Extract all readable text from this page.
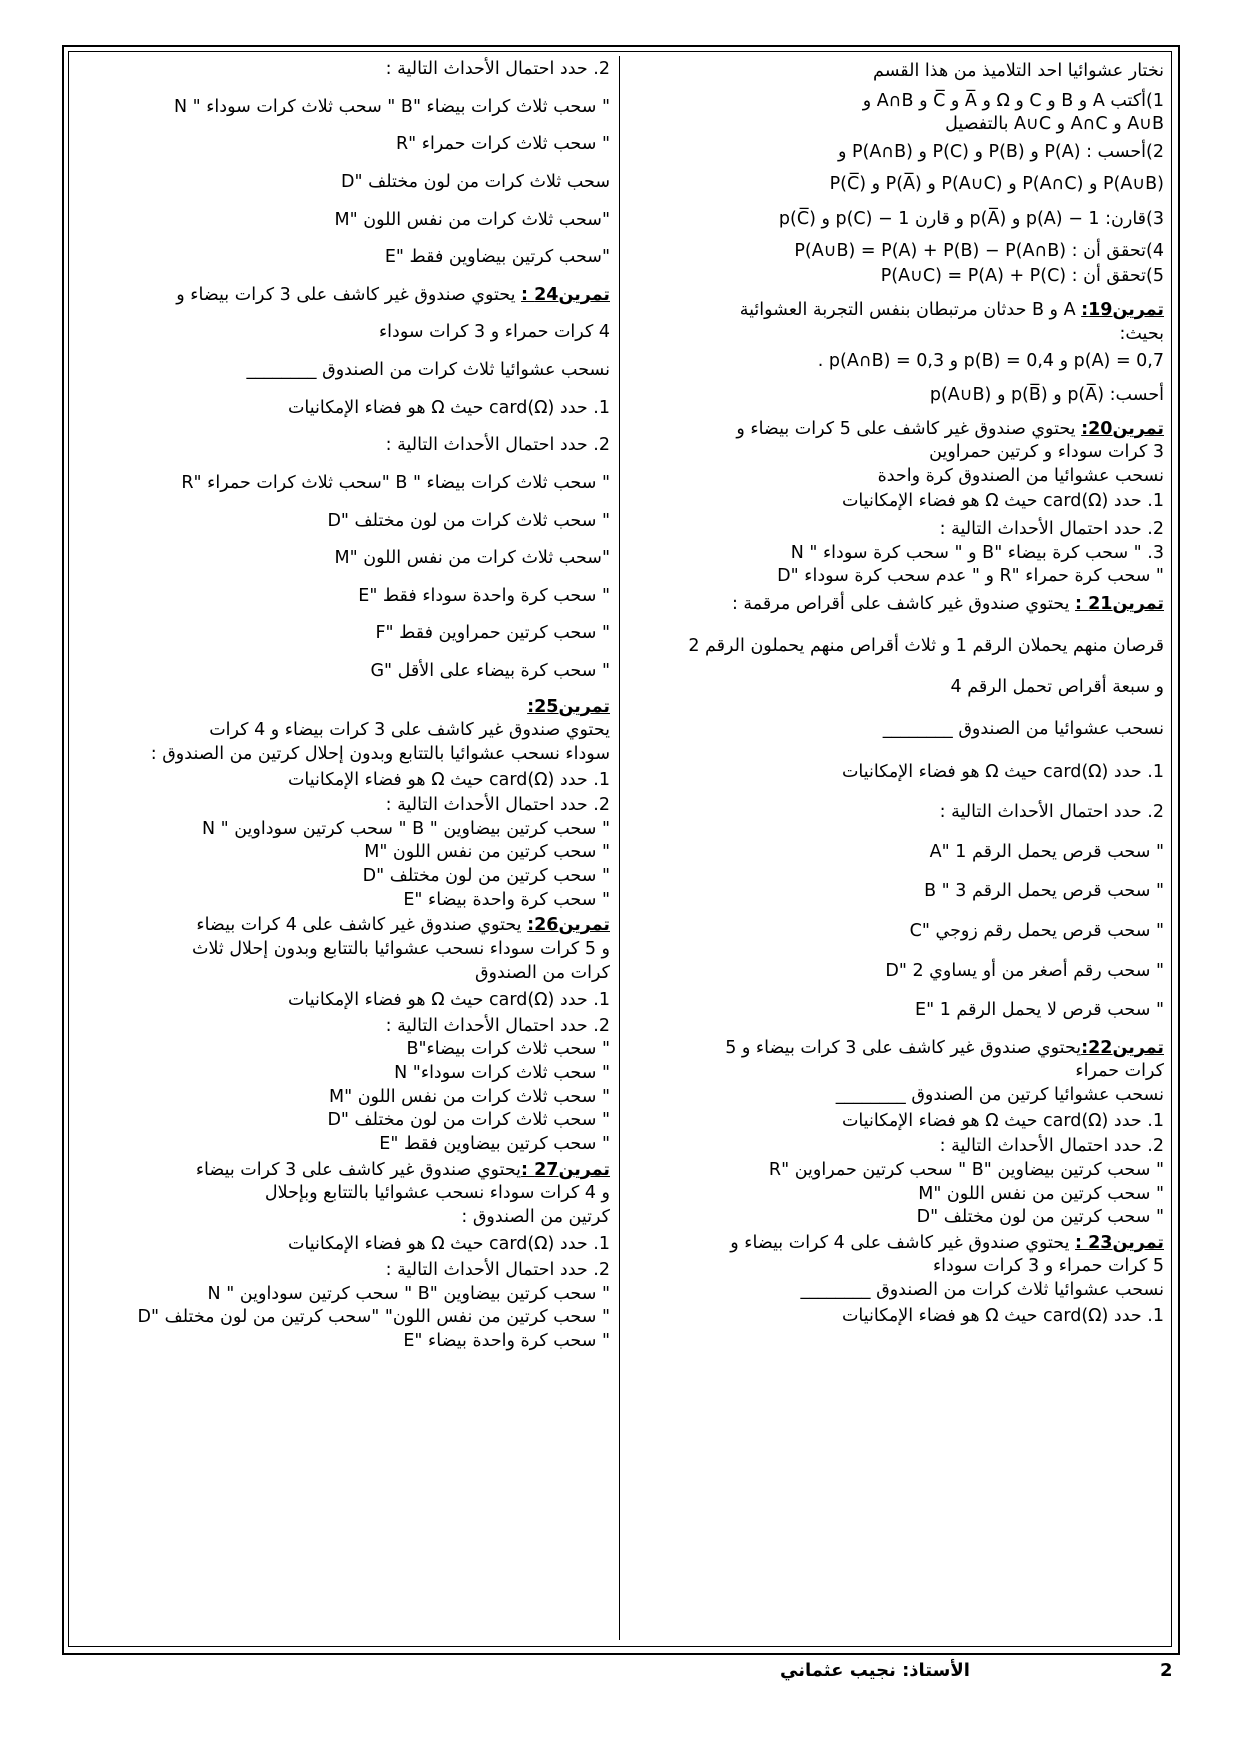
نختار عشوائيا احد التلاميذ من هذا القسم

1)أكتب A و B و C و Ω و A̅ و C̅ و A∩B و

A∪B و A∩C و A∪C بالتفصيل

2)أحسب : P(A) و P(B) و P(C) و P(A∩B) و

P(A∪B) و P(A∩C) و P(A∪C) و P(A̅) و P(C̅)

3)قارن: 1 − p(A) و p(A̅) و قارن 1 − p(C) و p(C̅)

4)تحقق أن : P(A∪B) = P(A) + P(B) − P(A∩B)

5)تحقق أن : P(A∪C) = P(A) + P(C)

تمرين19: A و B حدثان مرتبطان بنفس التجربة العشوائية

بحيث:

p(A) = 0,7 و p(B) = 0,4 و p(A∩B) = 0,3 .

أحسب: p(A̅) و p(B̅) و p(A∪B)

تمرين20: يحتوي صندوق غير كاشف على 5 كرات بيضاء و

3 كرات سوداء و كرتين حمراوين

نسحب عشوائيا من الصندوق كرة واحدة

1. حدد card(Ω) حيث Ω هو فضاء الإمكانيات

2. حدد احتمال الأحداث التالية :

3. " سحب كرة بيضاء "B و " سحب كرة سوداء " N

" سحب كرة حمراء "R و " عدم سحب كرة سوداء "D

تمرين21 : يحتوي صندوق غير كاشف على أقراص مرقمة :

قرصان منهم يحملان الرقم 1 و ثلاث أقراص منهم يحملون الرقم 2

و سبعة أقراص تحمل الرقم 4

نسحب عشوائيا من الصندوق ________

1. حدد card(Ω) حيث Ω هو فضاء الإمكانيات

2. حدد احتمال الأحداث التالية :

" سحب قرص يحمل الرقم 1 "A

" سحب قرص يحمل الرقم 3 " B

" سحب قرص يحمل رقم زوجي "C

" سحب رقم أصغر من أو يساوي 2 "D

" سحب قرص لا يحمل الرقم 1 "E

تمرين22:يحتوي صندوق غير كاشف على 3 كرات بيضاء و 5

كرات حمراء

نسحب عشوائيا كرتين من الصندوق ________

1. حدد card(Ω) حيث Ω هو فضاء الإمكانيات

2. حدد احتمال الأحداث التالية :

" سحب كرتين بيضاوين "B " سحب كرتين حمراوين "R

" سحب كرتين من نفس اللون "M

" سحب كرتين من لون مختلف "D

تمرين23 : يحتوي صندوق غير كاشف على 4 كرات بيضاء و

5 كرات حمراء و 3 كرات سوداء

نسحب عشوائيا ثلاث كرات من الصندوق ________

1. حدد card(Ω) حيث Ω هو فضاء الإمكانيات

2. حدد احتمال الأحداث التالية :

" سحب ثلاث كرات بيضاء "B " سحب ثلاث كرات سوداء " N

" سحب ثلاث كرات حمراء "R

سحب ثلاث كرات من لون مختلف "D

"سحب ثلاث كرات من نفس اللون "M

"سحب كرتين بيضاوين فقط "E

تمرين24 : يحتوي صندوق غير كاشف على 3 كرات بيضاء و

4 كرات حمراء و 3 كرات سوداء

نسحب عشوائيا ثلاث كرات من الصندوق ________

1. حدد card(Ω) حيث Ω هو فضاء الإمكانيات

2. حدد احتمال الأحداث التالية :

" سحب ثلاث كرات بيضاء " B "سحب ثلاث كرات حمراء "R

" سحب ثلاث كرات من لون مختلف "D

"سحب ثلاث كرات من نفس اللون "M

" سحب كرة واحدة سوداء فقط "E

" سحب كرتين حمراوين فقط "F

" سحب كرة بيضاء على الأقل "G

تمرين25:

يحتوي صندوق غير كاشف على 3 كرات بيضاء و 4 كرات

سوداء نسحب عشوائيا بالتتابع وبدون إحلال كرتين من الصندوق :

1. حدد card(Ω) حيث Ω هو فضاء الإمكانيات

2. حدد احتمال الأحداث التالية :

" سحب كرتين بيضاوين " B " سحب كرتين سوداوين " N

" سحب كرتين من نفس اللون "M

" سحب كرتين من لون مختلف "D

" سحب كرة واحدة بيضاء "E

تمرين26: يحتوي صندوق غير كاشف على 4 كرات بيضاء

و 5 كرات سوداء نسحب عشوائيا بالتتابع وبدون إحلال ثلاث

كرات من الصندوق

1. حدد card(Ω) حيث Ω هو فضاء الإمكانيات

2. حدد احتمال الأحداث التالية :

" سحب ثلاث كرات بيضاء"B

" سحب ثلاث كرات سوداء" N

" سحب ثلاث كرات من نفس اللون "M

" سحب ثلاث كرات من لون مختلف "D

" سحب كرتين بيضاوين فقط "E

تمرين27 :يحتوي صندوق غير كاشف على 3 كرات بيضاء

و 4 كرات سوداء نسحب عشوائيا بالتتابع وبإحلال

كرتين من الصندوق :

1. حدد card(Ω) حيث Ω هو فضاء الإمكانيات

2. حدد احتمال الأحداث التالية :

" سحب كرتين بيضاوين "B " سحب كرتين سوداوين " N

" سحب كرتين من نفس اللون" "سحب كرتين من لون مختلف "D

" سحب كرة واحدة بيضاء "E

الأستاذ: نجيب عثماني	2
